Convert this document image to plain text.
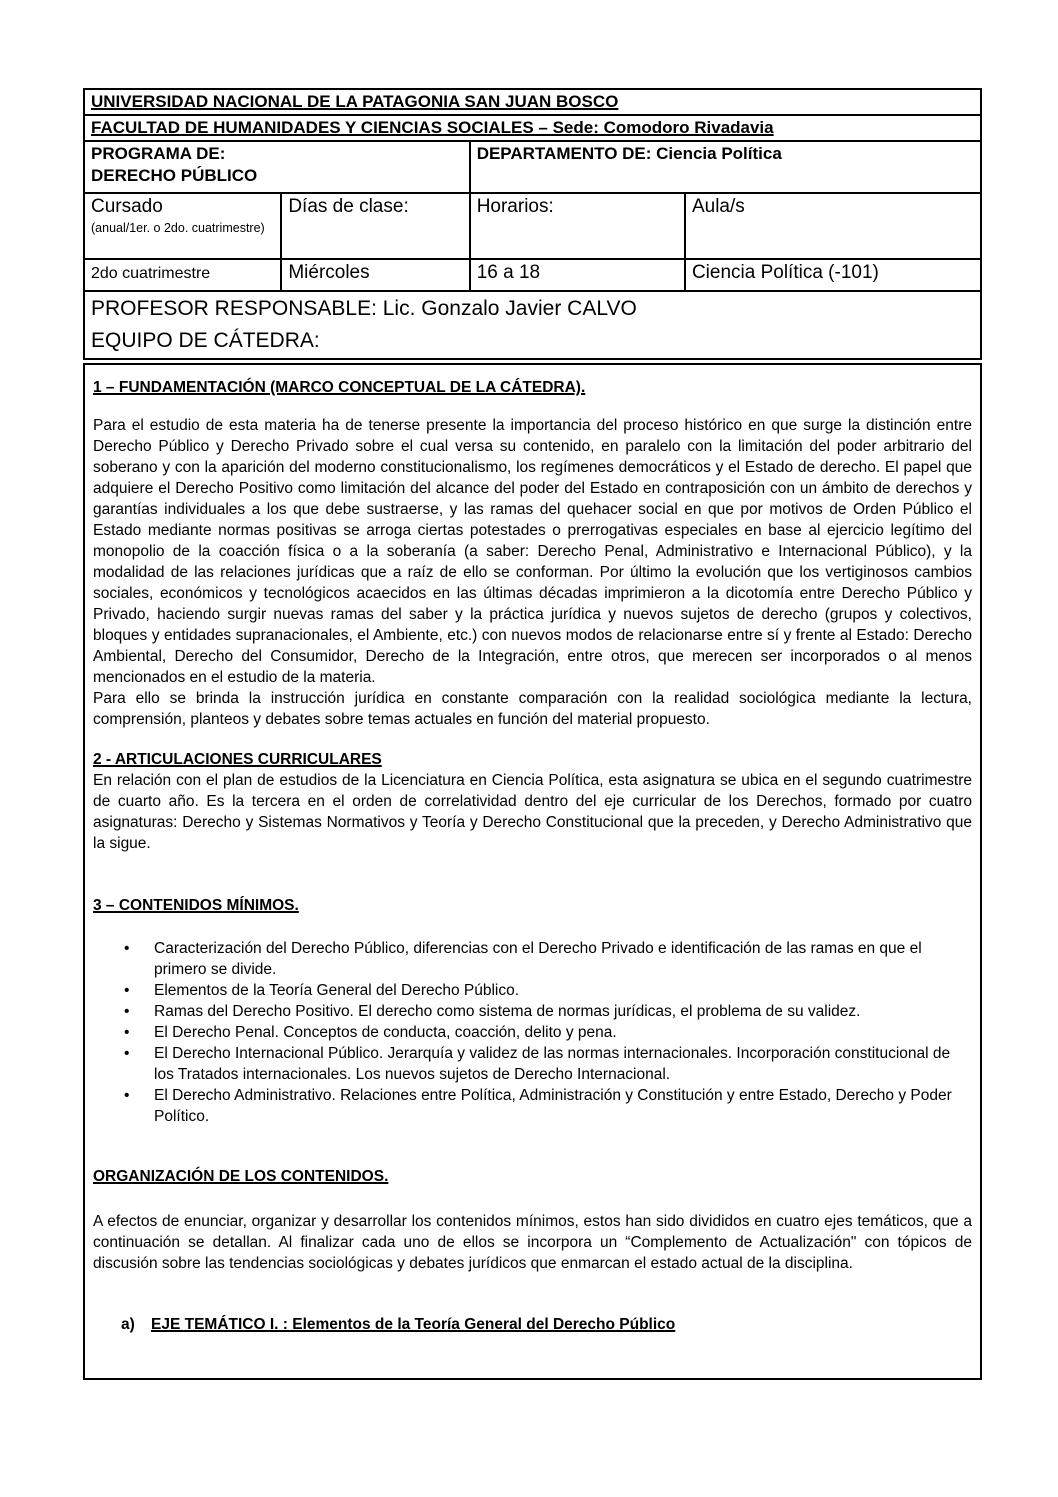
UNIVERSIDAD NACIONAL DE LA PATAGONIA SAN JUAN BOSCO			
FACULTAD DE HUMANIDADES Y CIENCIAS SOCIALES – Sede: Comodoro Rivadavia			

PROGRAMA DE:
DERECHO PÚBLICO		DEPARTAMENTO DE: Ciencia Política	
Cursado
(anual/1er. o 2do. cuatrimestre)	Días de clase:	Horarios:	Aula/s
2do cuatrimestre	Miércoles	16 a 18	Ciencia Política (-101)

PROFESOR RESPONSABLE: Lic. Gonzalo Javier CALVO
EQUIPO DE CÁTEDRA:			

1 – FUNDAMENTACIÓN (MARCO CONCEPTUAL DE LA CÁTEDRA).

Para el estudio de esta materia ha de tenerse presente la importancia del proceso histórico en que surge la distinción entre Derecho Público y Derecho Privado sobre el cual versa su contenido, en paralelo con la limitación del poder arbitrario del soberano y con la aparición del moderno constitucionalismo, los regímenes democráticos y el Estado de derecho. El papel que adquiere el Derecho Positivo como limitación del alcance del poder del Estado en contraposición con un ámbito de derechos y garantías individuales a los que debe sustraerse, y las ramas del quehacer social en que por motivos de Orden Público el Estado mediante normas positivas se arroga ciertas potestades o prerrogativas especiales en base al ejercicio legítimo del monopolio de la coacción física o a la soberanía (a saber: Derecho Penal, Administrativo e Internacional Público), y la modalidad de las relaciones jurídicas que a raíz de ello se conforman. Por último la evolución que los vertiginosos cambios sociales, económicos y tecnológicos acaecidos en las últimas décadas imprimieron a la dicotomía entre Derecho Público y Privado, haciendo surgir nuevas ramas del saber y la práctica jurídica y nuevos sujetos de derecho (grupos y colectivos, bloques y entidades supranacionales, el Ambiente, etc.) con nuevos modos de relacionarse entre sí y frente al Estado: Derecho Ambiental, Derecho del Consumidor, Derecho de la Integración, entre otros, que merecen ser incorporados o al menos mencionados en el estudio de la materia.

Para ello se brinda la instrucción jurídica en constante comparación con la realidad sociológica mediante la lectura, comprensión, planteos y debates sobre temas actuales en función del material propuesto.

2 - ARTICULACIONES CURRICULARES

En relación con el plan de estudios de la Licenciatura en Ciencia Política, esta asignatura se ubica en el segundo cuatrimestre de cuarto año. Es la tercera en el orden de correlatividad dentro del eje curricular de los Derechos, formado por cuatro asignaturas: Derecho y Sistemas Normativos y Teoría y Derecho Constitucional que la preceden, y Derecho Administrativo que la sigue.

3 – CONTENIDOS MÍNIMOS.

• Caracterización del Derecho Público, diferencias con el Derecho Privado e identificación de las ramas en que el primero se divide.
• Elementos de la Teoría General del Derecho Público.
• Ramas del Derecho Positivo. El derecho como sistema de normas jurídicas, el problema de su validez.
• El Derecho Penal. Conceptos de conducta, coacción, delito y pena.
• El Derecho Internacional Público. Jerarquía y validez de las normas internacionales. Incorporación constitucional de los Tratados internacionales. Los nuevos sujetos de Derecho Internacional.
• El Derecho Administrativo. Relaciones entre Política, Administración y Constitución y entre Estado, Derecho y Poder Político.

ORGANIZACIÓN DE LOS CONTENIDOS.

A efectos de enunciar, organizar y desarrollar los contenidos mínimos, estos han sido divididos en cuatro ejes temáticos, que a continuación se detallan. Al finalizar cada uno de ellos se incorpora un “Complemento de Actualización" con tópicos de discusión sobre las tendencias sociológicas y debates jurídicos que enmarcan el estado actual de la disciplina.

a) EJE TEMÁTICO I. : Elementos de la Teoría General del Derecho Público
